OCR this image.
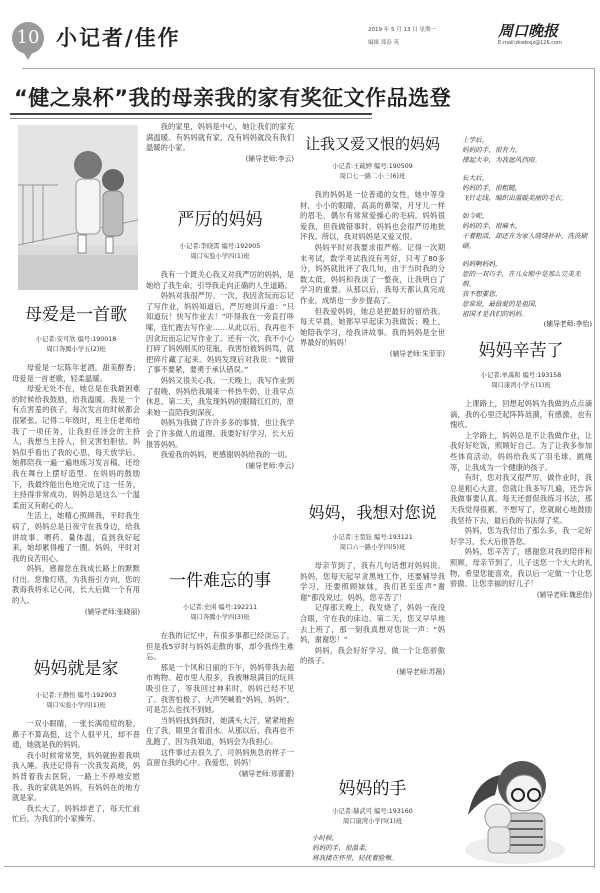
10 小记者/佳作	2019 年 5 月 13 日 星期一
编辑 郑春 英
周口晚报
E-mail:zkwbxjz@126.com
“健之泉杯”我的母亲我的家有奖征文作品选登
母爱是一首歌
小记者:安可欣 编号:190018
周口奔腾小学五(2)班

母爱是一坛陈年老酒，甜美醇香；母爱是一首老歌，轻柔温暖。

母爱无处不在，她总是在我最困难的时候给我鼓励，给我温暖。我是一个有点害羞的孩子，每次发言的时候都会很紧张。记得二年级时，班主任老师给我了一项任务，让我担任诗会的主持人，我想当主持人，但又害怕胆怯。妈妈似乎看出了我的心思，每天放学后，她都陪我一遍一遍地练习发言稿，还给我在舞台上摆好造型。在妈妈的鼓励下，我最终能出色地完成了这一任务，主持得非常成功。妈妈总是这么一个温柔而又有耐心的人。

生活上，她精心照顾我，平时我生病了，妈妈总是日夜守在我身边，给我讲故事、喂药、量体温，直到我好起来，她却累得瘦了一圈。妈妈，平时对我的良苦用心。

妈妈，感谢您在我成长路上的默默付出。您像灯塔，为我指引方向，您的教诲我将永记心间，长大后做一个有用的人。

(辅导老师:张晓丽)
妈妈就是家
小记者:王静怡 编号:192903
周口实验小学四(1)班

一双小眼睛，一张长满痘痘的脸，鼻子不算高挺，这个人很平凡，却不普通，她就是我的妈妈。

我小时候常常哭，妈妈就抱着我哄我入睡。我还记得有一次我发高烧，妈妈背着我去医院，一路上不停地安慰我。我的家就是妈妈，有妈妈在的地方就是家。

我长大了，妈妈却老了，每天忙前忙后，为我们的小家操劳。

我的家里，妈妈是中心，她让我们的家充满温暖。有妈妈就有家，没有妈妈就没有我们温暖的小家。

(辅导老师:李云)
严厉的妈妈
小记者:李晓霄 编号:192905
周口实验小学四(1)班

我有一个既关心我又对我严厉的妈妈，是她给了我生命，引导我走向正确的人生道路。

妈妈对我很严厉。一次，我因贪玩而忘记了写作业，妈妈知道后，严厉地训斥道：“只知道玩！快写作业去！”吓得我在一旁直打哆嗦，连忙跑去写作业……从此以后，我再也不因贪玩而忘记写作业了。还有一次，我不小心打碎了妈妈刚买的花瓶，我害怕被妈妈骂，就把碎片藏了起来。妈妈发现后对我说：“做错了事不要紧，要勇于承认错误。”

妈妈又很关心我。一天晚上，我写作业到了很晚，妈妈给我端来一杯热牛奶，让我早点休息。第二天，我发现妈妈的眼睛红红的，原来她一直陪我到深夜。

妈妈为我做了许许多多的事情，也让我学会了许多做人的道理。我要好好学习，长大后报答妈妈。

我爱我的妈妈，更感谢妈妈给我的一切。

(辅导老师:李云)
一件难忘的事
小记者:史闲 编号:192211
周口奔腾小学四(3)班

在我的记忆中，有很多事都已经淡忘了，但是我5岁时与妈妈走散的事，却令我终生难忘。

那是一个风和日丽的下午，妈妈带我去超市购物。超市里人很多，我被琳琅满目的玩具吸引住了，等我回过神来时，妈妈已经不见了。我害怕极了，大声哭喊着“妈妈，妈妈”，可是怎么也找不到她。

当妈妈找到我时，她满头大汗，紧紧地抱住了我，眼里含着泪水。从那以后，我再也不乱跑了，因为我知道，妈妈会为我担心。

这件事过去很久了，可妈妈焦急的样子一直留在我的心中。我爱您，妈妈！

(辅导老师:邢蕾蕾)
让我又爱又恨的妈妈
小记者:王疏婷 编号:190509
周口七一路二小三(6)班

我的妈妈是一位普通的女性，她中等身材，小小的眼睛，高高的鼻梁，月牙儿一样的眉毛，偶尔有常常爱操心的毛病。妈妈很爱我，但我做错事时，妈妈也会很严厉地批评我。所以，我对妈妈是又爱又恨。

妈妈平时对我要求很严格。记得一次期末考试，数学考试我没有考好，只考了80多分，妈妈就批评了我几句，由于当时我的分数太低，妈妈和我谈了一整夜，让我明白了学习的重要。从那以后，我每天都认真完成作业，成绩也一步步提高了。

但我爱妈妈，她总是把最好的留给我。每天早晨，她都早早起床为我做饭；晚上，她陪我学习，给我讲故事。我的妈妈是全世界最好的妈妈！

(辅导老师:朱菲菲)
妈妈，我想对您说
小记者:王宽钰 编号:193121
周口六一路小学四(5)班

母亲节到了，我有几句话想对妈妈说。妈妈，您每天起早贪黑地工作，还要辅导我学习，还要照顾妹妹，我们甚至连声“谢谢”都没说过。妈妈，您辛苦了！

记得那天晚上，我发烧了，妈妈一夜没合眼，守在我的床边。第二天，您又早早地去上班了，那一刻我真想对您说一声：“妈妈，谢谢您！”

妈妈，我会好好学习，做一个让您骄傲的孩子。

(辅导老师:苏薇)
妈妈的手
小记者:赫武可 编号:193160
周口康湾小学四(1)班

小时候，

妈妈的手，很温柔，

将我搂在怀里，轻抚着脸颊。

上学后，

妈妈的手，很有力，

撑起大伞，为我遮风挡雨。

长大后，

妈妈的手，很粗糙，

飞针走线，编织出温暖美丽的毛衣。

如今呢，

妈妈的手，很麻木，

干着粗活，却还在为家人缝缝补补，洗洗刷刷。

妈妈啊妈妈，

您的一双巧手，在儿女眼中是那么完美无瑕。

我不想要您，

您常说，最值爱的是祖国，

祖国才是我们的妈妈。

(辅导老师:李怡)
妈妈辛苦了
小记者:单禹和 编号:193158
周口康湾小学五(1)班

上课路上，回想起妈妈为我做的点点滴滴，我的心里泛起阵阵涟漪，有感激，也有愧疚。

上学路上，妈妈总是不让我做作业，让我好好吃饭，照顾好自己。为了让我多参加些体育活动，妈妈给我买了羽毛球、跳绳等，让我成为一个健康的孩子。

有时，您对我又很严厉，做作业时，我总是粗心大意，您就让我多写几遍，还告诉我做事要认真。每天还督促我练习书法，那天我觉得很累，不想写了，您就耐心地鼓励我坚持下去，最后我的书法得了奖。

妈妈，您为我付出了那么多，我一定好好学习，长大后报答您。

妈妈，您辛苦了，感谢您对我的陪伴和照顾，母亲节到了，儿子送您一个大大的礼物，希望您能喜欢，我以后一定做一个让您骄傲、让您幸福的好儿子！

(辅导老师:魏思佳)
